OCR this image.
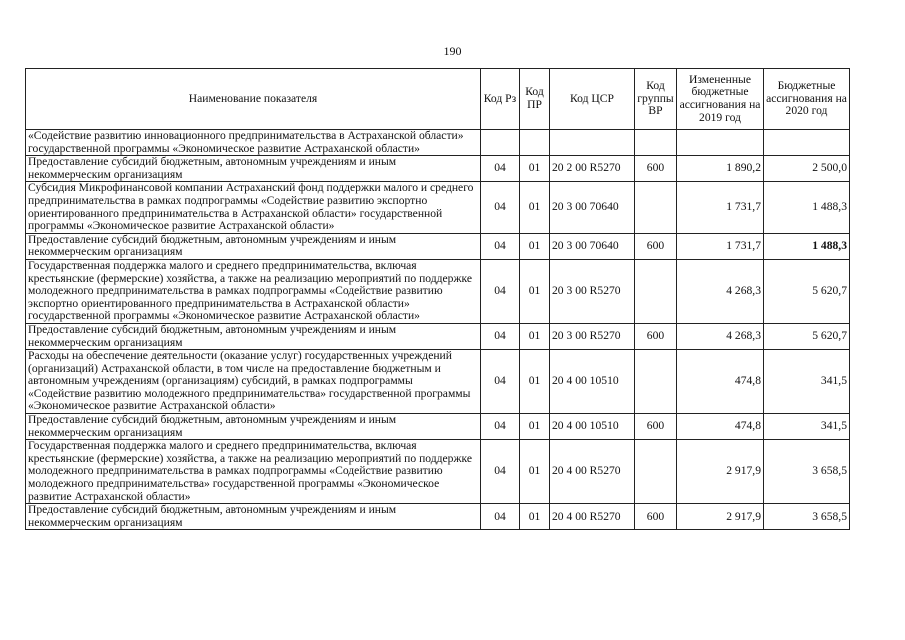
190
Наименование показателя	Код Рз	Код ПР	Код ЦСР	Код группы ВР	Измененные бюджетные ассигнования на 2019 год	Бюджетные ассигнования на 2020 год
«Содействие развитию инновационного предпринимательства в Астраханской области» государственной программы «Экономическое развитие Астраханской области»						
Предоставление субсидий бюджетным, автономным учреждениям и иным некоммерческим организациям	04	01	20 2 00 R5270	600	1 890,2	2 500,0
Субсидия Микрофинансовой компании Астраханский фонд поддержки малого и среднего предпринимательства в рамках подпрограммы «Содействие развитию экспортно ориентированного предпринимательства в Астраханской области» государственной программы «Экономическое развитие Астраханской области»	04	01	20 3 00 70640		1 731,7	1 488,3
Предоставление субсидий бюджетным, автономным учреждениям и иным некоммерческим организациям	04	01	20 3 00 70640	600	1 731,7	1 488,3
Государственная поддержка малого и среднего предпринимательства, включая крестьянские (фермерские) хозяйства, а также на реализацию мероприятий по поддержке молодежного предпринимательства в рамках подпрограммы «Содействие развитию экспортно ориентированного предпринимательства в Астраханской области» государственной программы «Экономическое развитие Астраханской области»	04	01	20 3 00 R5270		4 268,3	5 620,7
Предоставление субсидий бюджетным, автономным учреждениям и иным некоммерческим организациям	04	01	20 3 00 R5270	600	4 268,3	5 620,7
Расходы на обеспечение деятельности (оказание услуг) государственных учреждений (организаций) Астраханской области, в том числе на предоставление бюджетным и автономным учреждениям (организациям) субсидий, в рамках подпрограммы «Содействие развитию молодежного предпринимательства» государственной программы «Экономическое развитие Астраханской области»	04	01	20 4 00 10510		474,8	341,5
Предоставление субсидий бюджетным, автономным учреждениям и иным некоммерческим организациям	04	01	20 4 00 10510	600	474,8	341,5
Государственная поддержка малого и среднего предпринимательства, включая крестьянские (фермерские) хозяйства, а также на реализацию мероприятий по поддержке молодежного предпринимательства в рамках подпрограммы «Содействие развитию молодежного предпринимательства» государственной программы «Экономическое развитие Астраханской области»	04	01	20 4 00 R5270		2 917,9	3 658,5
Предоставление субсидий бюджетным, автономным учреждениям и иным некоммерческим организациям	04	01	20 4 00 R5270	600	2 917,9	3 658,5
